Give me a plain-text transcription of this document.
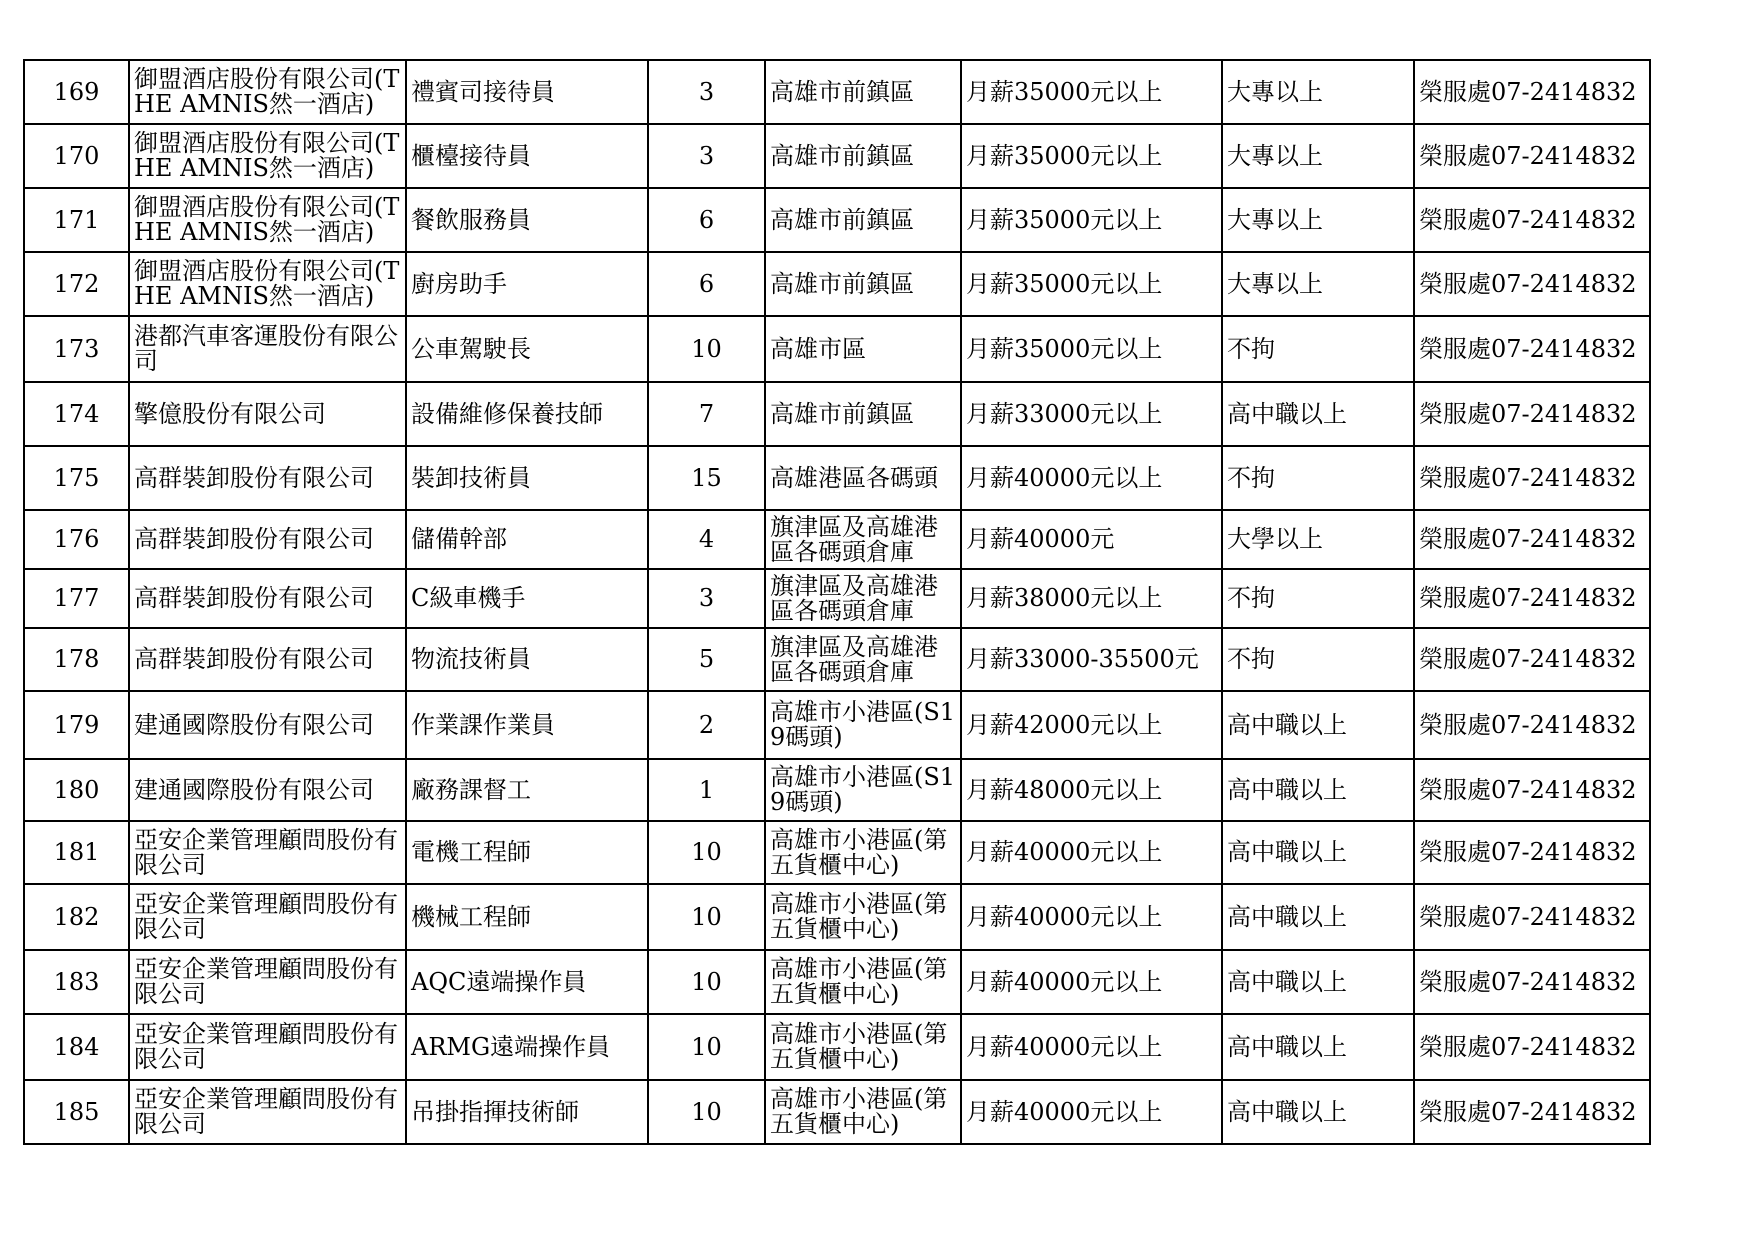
169	御盟酒店股份有限公司(THE AMNIS然一酒店)	禮賓司接待員	3	高雄市前鎮區	月薪35000元以上	大專以上	榮服處07-2414832
170	御盟酒店股份有限公司(THE AMNIS然一酒店)	櫃檯接待員	3	高雄市前鎮區	月薪35000元以上	大專以上	榮服處07-2414832
171	御盟酒店股份有限公司(THE AMNIS然一酒店)	餐飲服務員	6	高雄市前鎮區	月薪35000元以上	大專以上	榮服處07-2414832
172	御盟酒店股份有限公司(THE AMNIS然一酒店)	廚房助手	6	高雄市前鎮區	月薪35000元以上	大專以上	榮服處07-2414832
173	港都汽車客運股份有限公司	公車駕駛長	10	高雄市區	月薪35000元以上	不拘	榮服處07-2414832
174	擎億股份有限公司	設備維修保養技師	7	高雄市前鎮區	月薪33000元以上	高中職以上	榮服處07-2414832
175	高群裝卸股份有限公司	裝卸技術員	15	高雄港區各碼頭	月薪40000元以上	不拘	榮服處07-2414832
176	高群裝卸股份有限公司	儲備幹部	4	旗津區及高雄港區各碼頭倉庫	月薪40000元	大學以上	榮服處07-2414832
177	高群裝卸股份有限公司	C級車機手	3	旗津區及高雄港區各碼頭倉庫	月薪38000元以上	不拘	榮服處07-2414832
178	高群裝卸股份有限公司	物流技術員	5	旗津區及高雄港區各碼頭倉庫	月薪33000-35500元	不拘	榮服處07-2414832
179	建通國際股份有限公司	作業課作業員	2	高雄市小港區(S19碼頭)	月薪42000元以上	高中職以上	榮服處07-2414832
180	建通國際股份有限公司	廠務課督工	1	高雄市小港區(S19碼頭)	月薪48000元以上	高中職以上	榮服處07-2414832
181	亞安企業管理顧問股份有限公司	電機工程師	10	高雄市小港區(第五貨櫃中心)	月薪40000元以上	高中職以上	榮服處07-2414832
182	亞安企業管理顧問股份有限公司	機械工程師	10	高雄市小港區(第五貨櫃中心)	月薪40000元以上	高中職以上	榮服處07-2414832
183	亞安企業管理顧問股份有限公司	AQC遠端操作員	10	高雄市小港區(第五貨櫃中心)	月薪40000元以上	高中職以上	榮服處07-2414832
184	亞安企業管理顧問股份有限公司	ARMG遠端操作員	10	高雄市小港區(第五貨櫃中心)	月薪40000元以上	高中職以上	榮服處07-2414832
185	亞安企業管理顧問股份有限公司	吊掛指揮技術師	10	高雄市小港區(第五貨櫃中心)	月薪40000元以上	高中職以上	榮服處07-2414832
